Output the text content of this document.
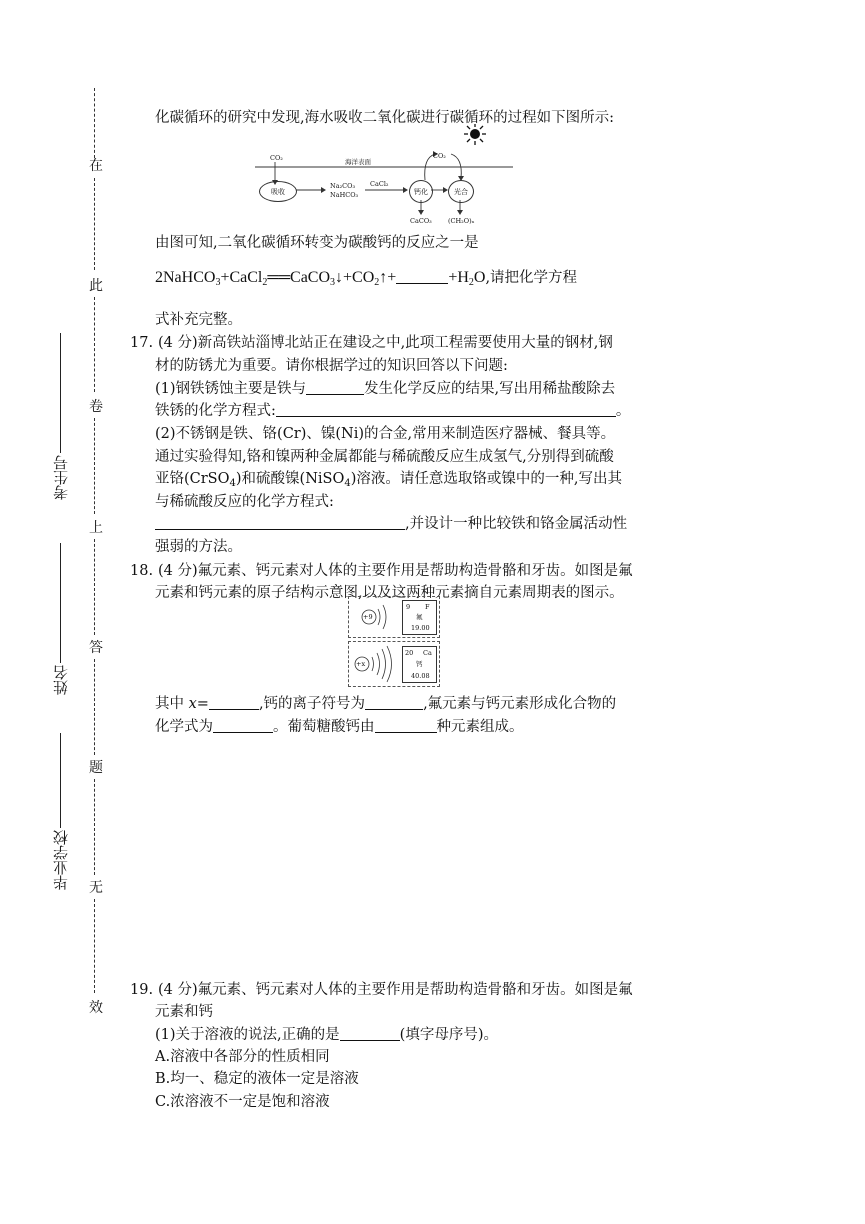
在
此
卷
上
答
题
无
效
考生号
姓名
毕业学校
化碳循环的研究中发现,海水吸收二氧化碳进行碳循环的过程如下图所示:
CO₂	海洋表面
CO₂
吸收
Na₂CO₃
NaHCO₃
CaCl₂
钙化	光合
CaCO₃ (CH₂O)ₙ
由图可知,二氧化碳循环转变为碳酸钙的反应之一是
$2NaHCO_3+CaCl_2══CaCO_3↓+CO_2↑+$	$+H_2O$,请把化学方程
式补充完整。
17. (4 分)新高铁站淄博北站正在建设之中,此项工程需要使用大量的钢材,钢
材的防锈尤为重要。请你根据学过的知识回答以下问题:
(1)钢铁锈蚀主要是铁与	发生化学反应的结果,写出用稀盐酸除去
铁锈的化学方程式:	。
(2)不锈钢是铁、铬(Cr)、镍(Ni)的合金,常用来制造医疗器械、餐具等。
通过实验得知,铬和镍两种金属都能与稀硫酸反应生成氢气,分别得到硫酸
亚铬(CrSO$_4$)和硫酸镍(NiSO$_4$)溶液。请任意选取铬或镍中的一种,写出其
与稀硫酸反应的化学方程式:
,并设计一种比较铁和铬金属活动性
强弱的方法。
18. (4 分)氟元素、钙元素对人体的主要作用是帮助构造骨骼和牙齿。如图是氟
元素和钙元素的原子结构示意图,以及这两种元素摘自元素周期表的图示。
+9
9 F
氟
19.00
+x
20 Ca
钙
40.08
其中 x=	,钙的离子符号为	,氟元素与钙元素形成化合物的
化学式为	。葡萄糖酸钙由	种元素组成。
19. (4 分)氟元素、钙元素对人体的主要作用是帮助构造骨骼和牙齿。如图是氟
元素和钙
(1)关于溶液的说法,正确的是	(填字母序号)。
A.溶液中各部分的性质相同
B.均一、稳定的液体一定是溶液
C.浓溶液不一定是饱和溶液
